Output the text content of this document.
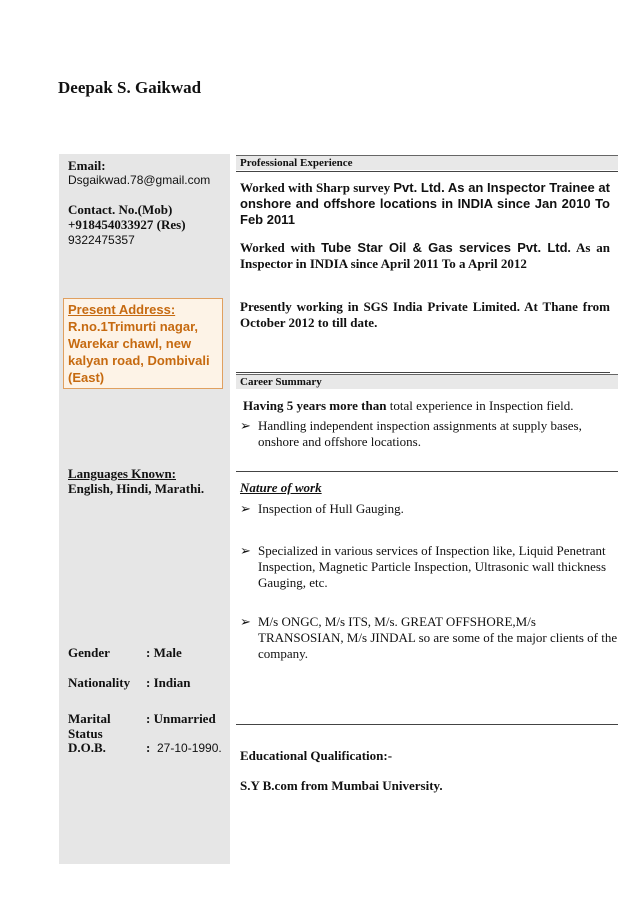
Deepak S. Gaikwad
Email:
Dsgaikwad.78@gmail.com
Contact. No.(Mob)
+918454033927 (Res)
9322475357
Present Address:
R.no.1Trimurti nagar,
Warekar chawl, new
kalyan road, Dombivali
(East)
Languages Known:
English, Hindi, Marathi.
Gender	: Male
Nationality : Indian
Marital
Status
: Unmarried
D.O.B.	: 27-10-1990.
Professional Experience
Worked with Sharp survey Pvt. Ltd. As an Inspector Trainee at onshore and offshore locations in INDIA since Jan 2010 To Feb 2011
Worked with Tube Star Oil & Gas services Pvt. Ltd. As an Inspector in INDIA since April 2011 To a April 2012
Presently working in SGS India Private Limited. At Thane from October 2012 to till date.
Career Summary
Having 5 years more than total experience in Inspection field.
➢ Handling independent inspection assignments at supply bases, onshore and offshore locations.
Nature of work
➢ Inspection of Hull Gauging.
➢ Specialized in various services of Inspection like, Liquid Penetrant Inspection, Magnetic Particle Inspection, Ultrasonic wall thickness Gauging, etc.
➢ M/s ONGC, M/s ITS, M/s. GREAT OFFSHORE,M/s TRANSOSIAN, M/s JINDAL so are some of the major clients of the company.
Educational Qualification:-
S.Y B.com from Mumbai University.
